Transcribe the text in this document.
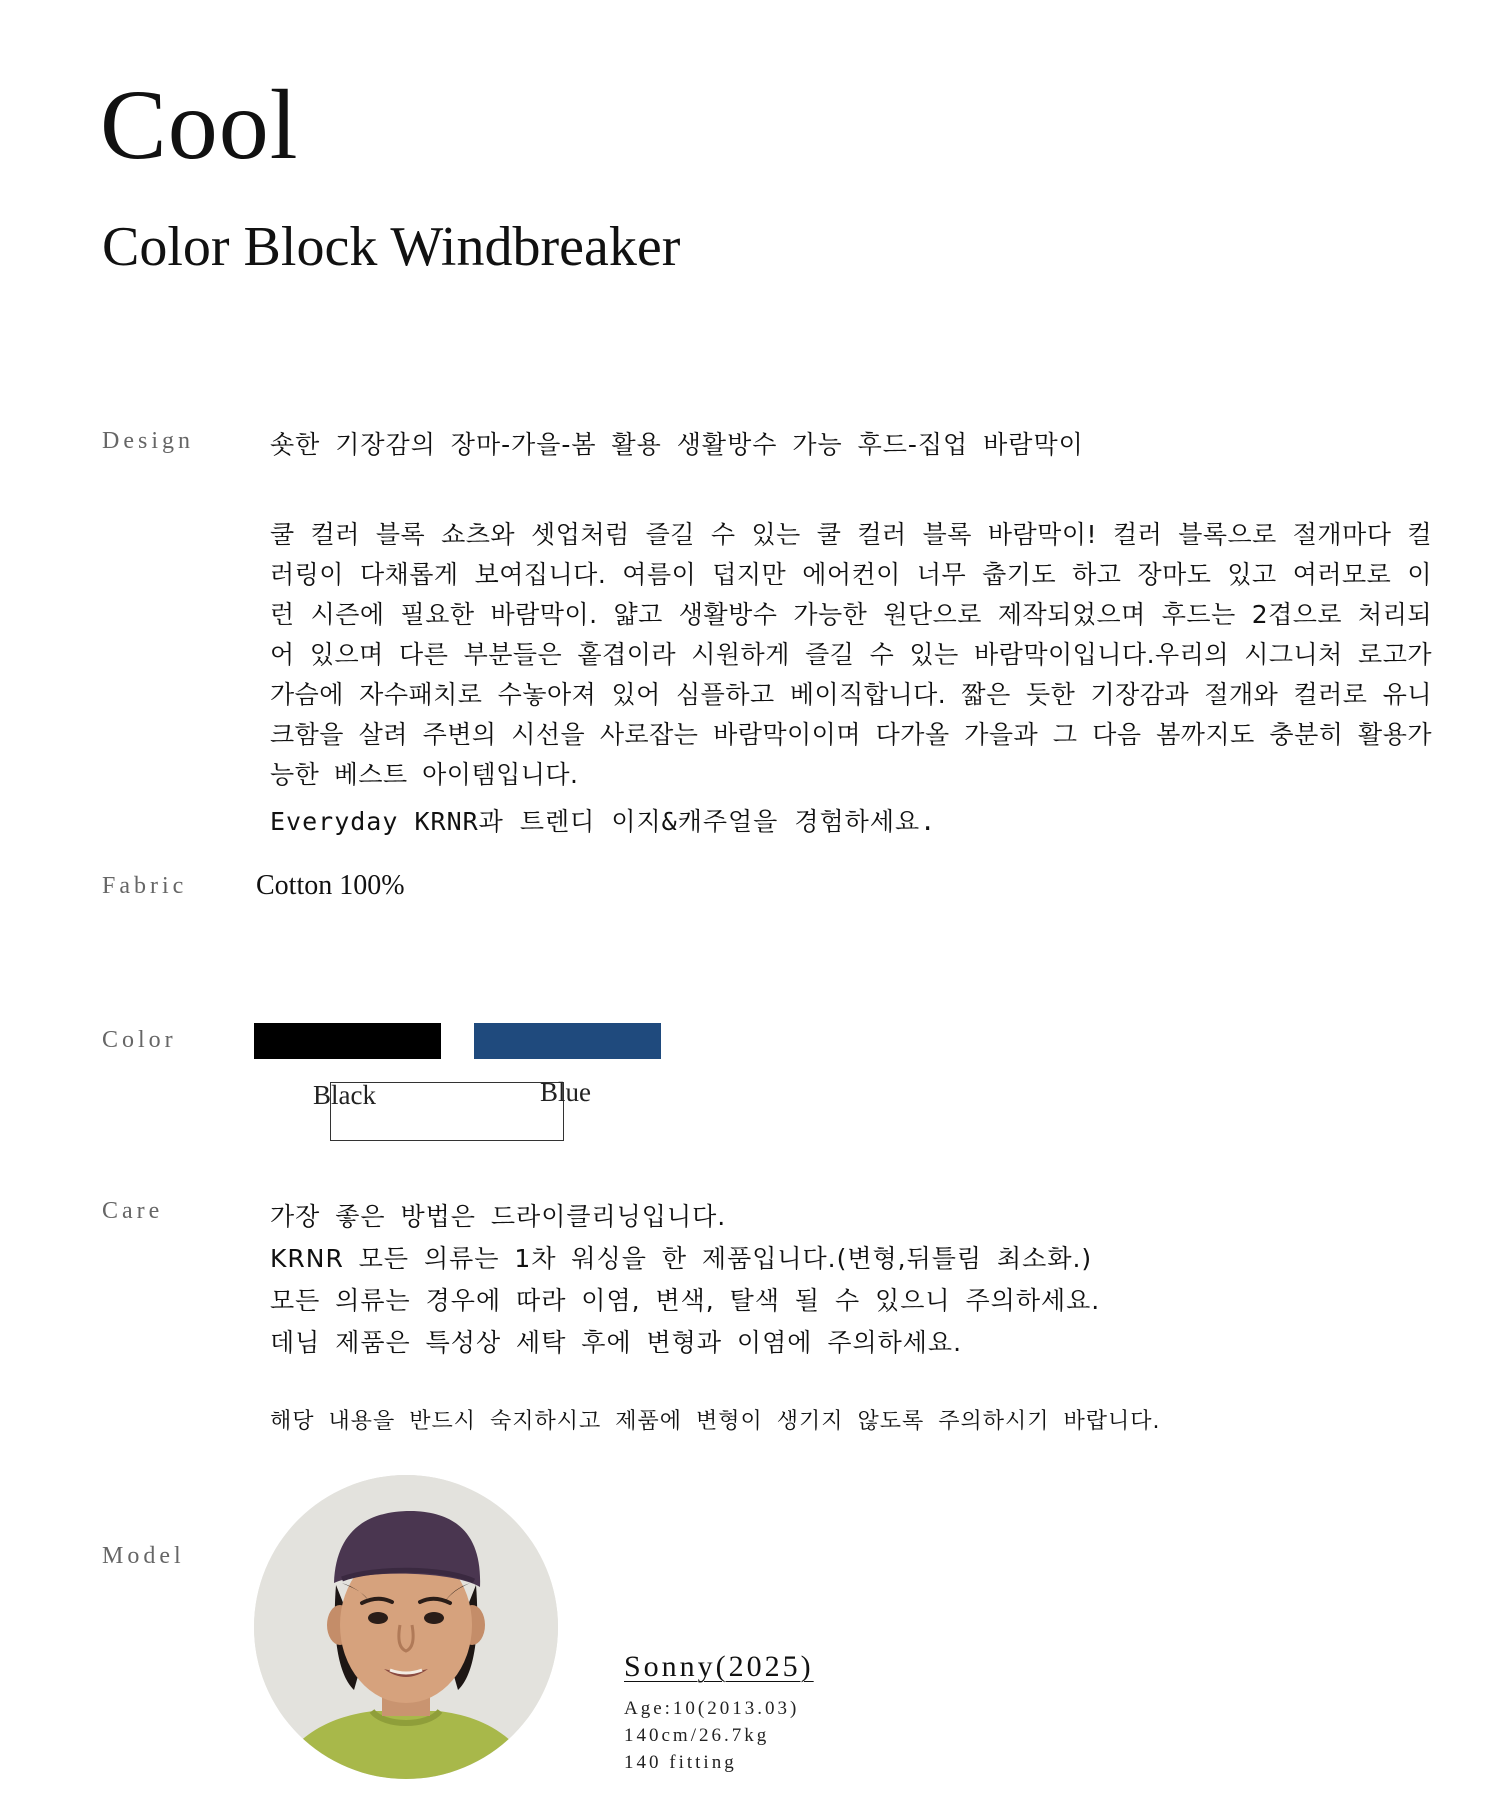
Cool
Color Block Windbreaker
Design	숏한 기장감의 장마-가을-봄 활용 생활방수 가능 후드-집업 바람막이
쿨 컬러 블록 쇼츠와 셋업처럼 즐길 수 있는 쿨 컬러 블록 바람막이! 컬러 블록으로 절개마다 컬러링이 다채롭게 보여집니다. 여름이 덥지만 에어컨이 너무 춥기도 하고 장마도 있고 여러모로 이런 시즌에 필요한 바람막이. 얇고 생활방수 가능한 원단으로 제작되었으며 후드는 2겹으로 처리되어 있으며 다른 부분들은 홑겹이라 시원하게 즐길 수 있는 바람막이입니다.우리의 시그니처 로고가 가슴에 자수패치로 수놓아져 있어 심플하고 베이직합니다. 짧은 듯한 기장감과 절개와 컬러로 유니크함을 살려 주변의 시선을 사로잡는 바람막이이며 다가올 가을과 그 다음 봄까지도 충분히 활용가능한 베스트 아이템입니다.
Everyday KRNR과 트렌디 이지&캐주얼을 경험하세요.
Fabric Cotton 100%
Color
Black	Blue
Care	가장 좋은 방법은 드라이클리닝입니다.
KRNR 모든 의류는 1차 워싱을 한 제품입니다.(변형,뒤틀림 최소화.)
모든 의류는 경우에 따라 이염, 변색, 탈색 될 수 있으니 주의하세요.
데님 제품은 특성상 세탁 후에 변형과 이염에 주의하세요.
해당 내용을 반드시 숙지하시고 제품에 변형이 생기지 않도록 주의하시기 바랍니다.
Model
Sonny(2025)
Age:10(2013.03)
140cm/26.7kg
140 fitting
